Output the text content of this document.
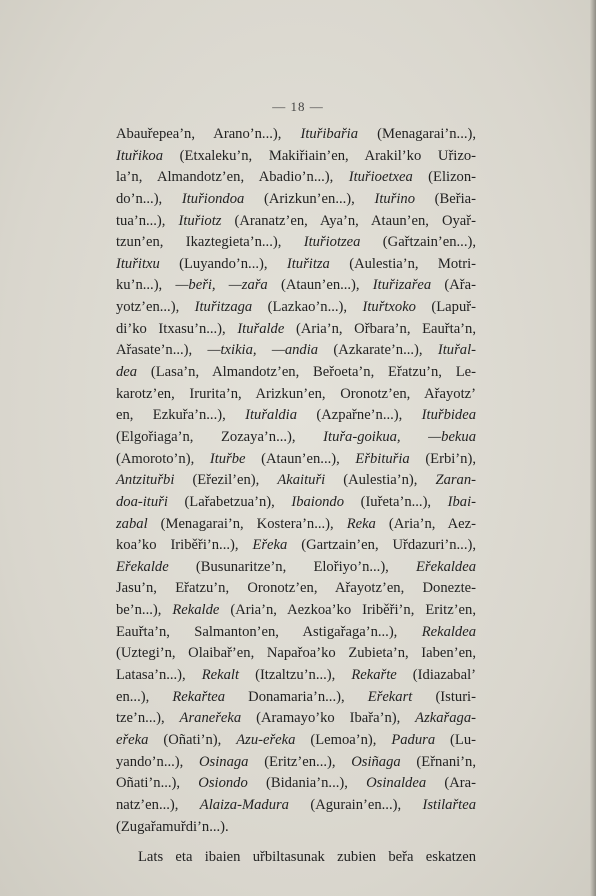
— 18 —
Abauřepea’n, Arano’n...), Ituřibařia (Menagarai’n...),
Ituřikoa (Etxaleku’n, Makiřiain’en, Arakil’ko Uřizo-
la’n, Almandotz’en, Abadio’n...), Ituřioetxea (Elizon-
do’n...), Ituřiondoa (Arizkun’en...), Ituřino (Beřia-
tua’n...), Ituřiotz (Aranatz’en, Aya’n, Ataun’en, Oyař-
tzun’en, Ikaztegieta’n...), Ituřiotzea (Gařtzain’en...),
Ituřitxu (Luyando’n...), Ituřitza (Aulestia’n, Motri-
ku’n...), —beři, —zařa (Ataun’en...), Ituřizařea (Ařa-
yotz’en...), Ituřitzaga (Lazkao’n...), Ituřtxoko (Lapuř-
di’ko Itxasu’n...), Ituřalde (Aria’n, Ořbara’n, Eauřta’n,
Ařasate’n...), —txikia, —andia (Azkarate’n...), Ituřal-
dea (Lasa’n, Almandotz’en, Beřoeta’n, Eřatzu’n, Le-
karotz’en, Irurita’n, Arizkun’en, Oronotz’en, Ařayotz’
en, Ezkuřa’n...), Ituřaldia (Azpařne’n...), Ituřbidea
(Elgořiaga’n, Zozaya’n...), Ituřa-goikua, —bekua
(Amoroto’n), Ituřbe (Ataun’en...), Eřbituřia (Erbi’n),
Antzituřbi (Eřezil’en), Akaituři (Aulestia’n), Zaran-
doa-ituři (Lařabetzua’n), Ibaiondo (Iuřeta’n...), Ibai-
zabal (Menagarai’n, Kostera’n...), Reka (Aria’n, Aez-
koa’ko Iriběři’n...), Eřeka (Gartzain’en, Uřdazuri’n...),
Eřekalde (Busunaritze’n, Elořiyo’n...), Eřekaldea
Jasu’n, Eřatzu’n, Oronotz’en, Ařayotz’en, Doneztе-
be’n...), Rekalde (Aria’n, Aezkoa’ko Iriběři’n, Eritz’en,
Eauřta’n, Salmanton’en, Astigařaga’n...), Rekaldea
(Uztegi’n, Olaibař’en, Napařoa’ko Zubieta’n, Iaben’en,
Latasa’n...), Rekalt (Itzaltzu’n...), Rekařte (Idiazabal’
en...), Rekařtea Donamaria’n...), Eřekart (Isturi-
tze’n...), Araneřeka (Aramayo’ko Ibařa’n), Azkařaga-
eřeka (Oñati’n), Azu-eřeka (Lemoa’n), Padura (Lu-
yando’n...), Osinaga (Eritz’en...), Osiñaga (Eřnani’n,
Oñati’n...), Osiondo (Bidania’n...), Osinaldea (Ara-
natz’en...), Alaiza-Madura (Agurain’en...), Istilařtea
(Zugařamuřdi’n...).
Lats eta ibaien uřbiltasunak zubien beřa eskatzen
